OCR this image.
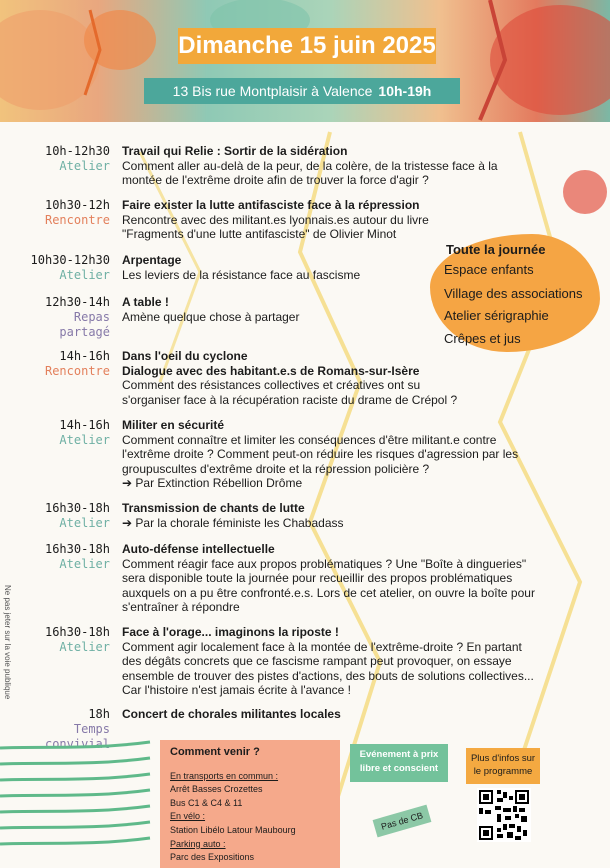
Dimanche 15 juin 2025
13 Bis rue Montplaisir à Valence 10h-19h
Toute la journée
Espace enfants
Village des associations
Atelier sérigraphie
Crêpes et jus
10h-12h30
Atelier
Travail qui Relie : Sortir de la sidération
Comment aller au-delà de la peur, de la colère, de la tristesse face à la
montée de l'extrême droite afin de trouver la force d'agir ?
10h30-12h
Rencontre
Faire exister la lutte antifasciste face à la répression
Rencontre avec des militant.es lyonnais.es autour du livre
"Fragments d'une lutte antifasciste" de Olivier Minot
10h30-12h30
Atelier
Arpentage
Les leviers de la résistance face au fascisme
12h30-14h
Repas partagé
A table !
Amène quelque chose à partager
14h-16h
Rencontre
Dans l'oeil du cyclone
Dialogue avec des habitant.e.s de Romans-sur-Isère
Comment des résistances collectives et créatives ont su
s'organiser face à la récupération raciste du drame de Crépol ?
14h-16h
Atelier
Militer en sécurité
Comment connaître et limiter les conséquences d'être militant.e contre
l'extrême droite ? Comment peut-on réduire les risques d'agression par les
groupuscultes d'extrême droite et la répression policière ?
➔ Par Extinction Rébellion Drôme
16h30-18h
Atelier
Transmission de chants de lutte
➔ Par la chorale féministe les Chabadass
16h30-18h
Atelier
Auto-défense intellectuelle
Comment réagir face aux propos problématiques ? Une "Boîte à dingueries"
sera disponible toute la journée pour recueillir des propos problématiques
auxquels on a pu être confronté.e.s. Lors de cet atelier, on ouvre la boîte pour
s'entraîner à répondre
16h30-18h
Atelier
Face à l'orage... imaginons la riposte !
Comment agir localement face à la montée de l'extrême-droite ? En partant
des dégâts concrets que ce fascisme rampant peut provoquer, on essaye
ensemble de trouver des pistes d'actions, des bouts de solutions collectives...
Car l'histoire n'est jamais écrite à l'avance !
18h
Temps convivial
Concert de chorales militantes locales
Ne pas jeter sur la voie publique
Comment venir ?
En transports en commun :
Arrêt Basses Crozettes
Bus C1 & C4 & 11
En vélo :
Station Libélo Latour Maubourg
Parking auto :
Parc des Expositions
Evénement à prix
libre et conscient
Plus d'infos sur
le programme
Pas de CB
